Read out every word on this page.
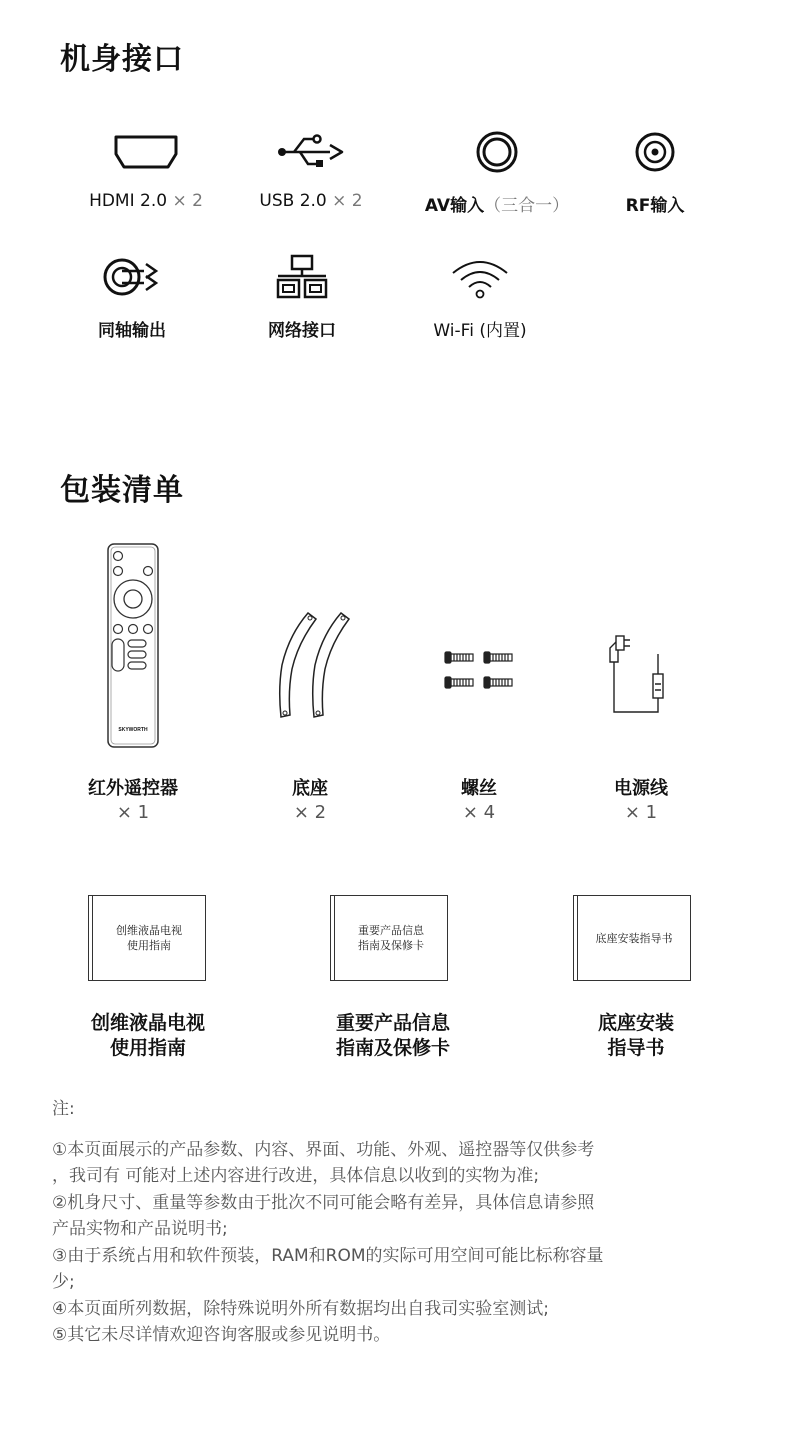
机身接口
HDMI 2.0 × 2	USB 2.0 × 2	AV输入（三合一）	RF输入
同轴输出	网络接口	Wi-Fi (内置)
包装清单
SKYWORTH
红外遥控器
× 1
底座
× 2
螺丝
× 4
电源线
× 1
创维液晶电视
使用指南
重要产品信息
指南及保修卡
底座安装指导书
创维液晶电视
使用指南
重要产品信息
指南及保修卡
底座安装
指导书
注:
①本页面展示的产品参数、内容、界面、功能、外观、遥控器等仅供参考
，我司有 可能对上述内容进行改进，具体信息以收到的实物为准;
②机身尺寸、重量等参数由于批次不同可能会略有差异，具体信息请参照
产品实物和产品说明书;
③由于系统占用和软件预装，RAM和ROM的实际可用空间可能比标称容量
少;
④本页面所列数据，除特殊说明外所有数据均出自我司实验室测试;
⑤其它未尽详情欢迎咨询客服或参见说明书。
